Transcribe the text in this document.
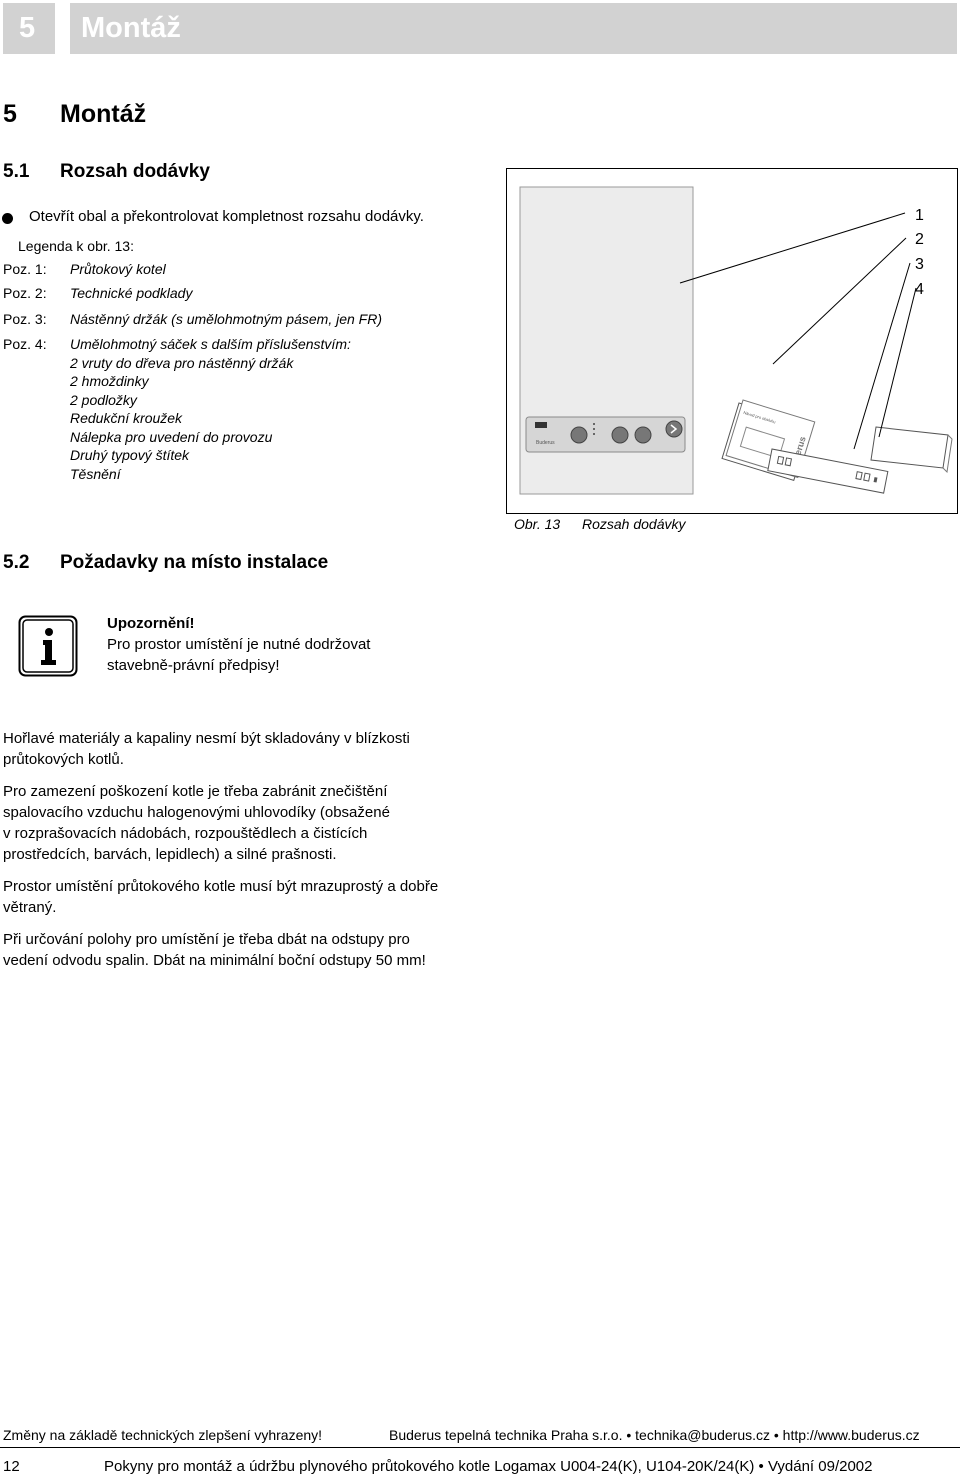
5 Montáž
5 Montáž
5.1 Rozsah dodávky
Otevřít obal a překontrolovat kompletnost rozsahu dodávky.
Legenda k obr. 13:
Poz. 1: Průtokový kotel
Poz. 2: Technické podklady
Poz. 3: Nástěnný držák (s umělohmotným pásem, jen FR)
Poz. 4: Umělohmotný sáček s dalším příslušenstvím:
2 vruty do dřeva pro nástěnný držák
2 hmoždinky
2 podložky
Redukční kroužek
Nálepka pro uvedení do provozu
Druhý typový štítek
Těsnění
Buderus
Návod pro obsluhu
1
2
3
4
Obr. 13 Rozsah dodávky
5.2 Požadavky na místo instalace
Upozornění!
Pro prostor umístění je nutné dodržovat
stavebně-právní předpisy!
Hořlavé materiály a kapaliny nesmí být skladovány v blízkosti
průtokových kotlů.
Pro zamezení poškození kotle je třeba zabránit znečištění
spalovacího vzduchu halogenovými uhlovodíky (obsažené
v rozprašovacích nádobách, rozpouštědlech a čistících
prostředcích, barvách, lepidlech) a silné prašnosti.
Prostor umístění průtokového kotle musí být mrazuprostý a dobře
větraný.
Při určování polohy pro umístění je třeba dbát na odstupy pro
vedení odvodu spalin. Dbát na minimální boční odstupy 50 mm!
Změny na základě technických zlepšení vyhrazeny!	Buderus tepelná technika Praha s.r.o. • technika@buderus.cz • http://www.buderus.cz
12	Pokyny pro montáž a údržbu plynového průtokového kotle Logamax U004-24(K), U104-20K/24(K) • Vydání 09/2002
